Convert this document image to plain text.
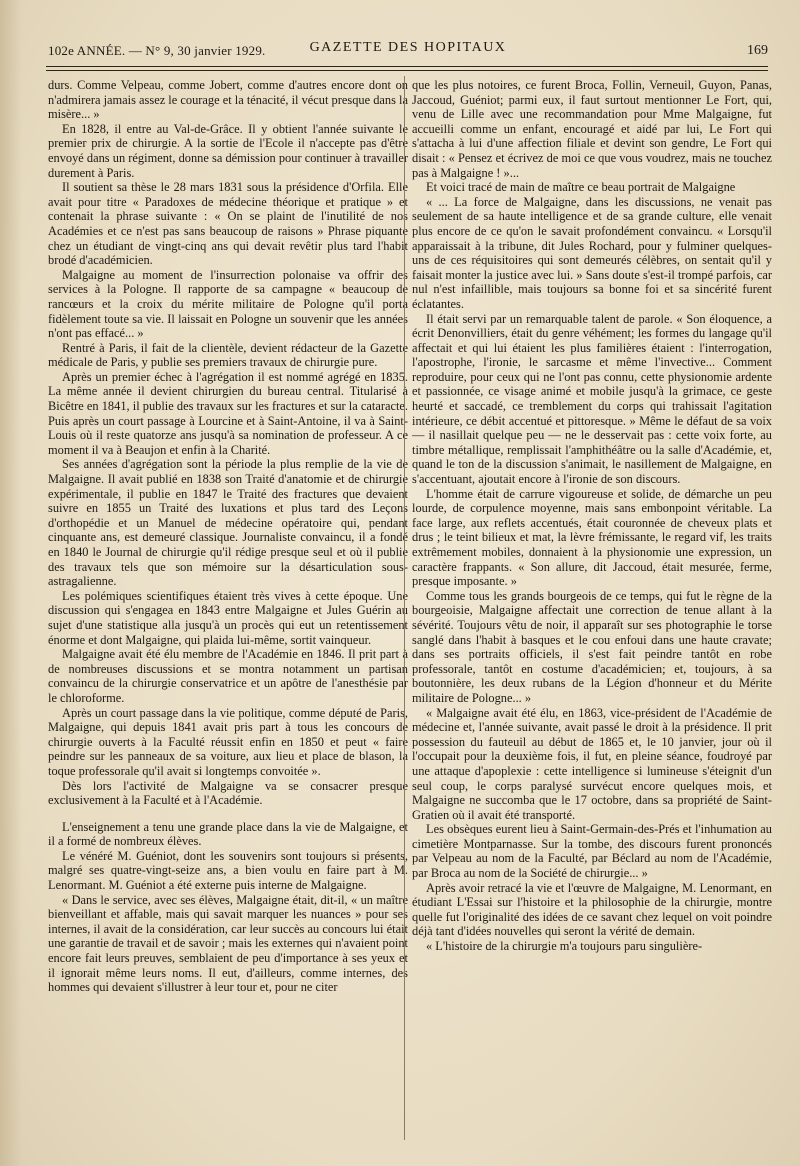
102e ANNÉE. — N° 9, 30 janvier 1929.	GAZETTE DES HOPITAUX	169

durs. Comme Velpeau, comme Jobert, comme d'autres encore dont on n'admirera jamais assez le courage et la ténacité, il vécut presque dans la misère... »

En 1828, il entre au Val-de-Grâce. Il y obtient l'année suivante le premier prix de chirurgie. A la sortie de l'Ecole il n'accepte pas d'être envoyé dans un régiment, donne sa démission pour continuer à travailler durement à Paris.

Il soutient sa thèse le 28 mars 1831 sous la présidence d'Orfila. Elle avait pour titre « Paradoxes de médecine théorique et pratique » et contenait la phrase suivante : « On se plaint de l'inutilité de nos Académies et ce n'est pas sans beaucoup de raisons » Phrase piquante chez un étudiant de vingt-cinq ans qui devait revêtir plus tard l'habit brodé d'académicien.

Malgaigne au moment de l'insurrection polonaise va offrir des services à la Pologne. Il rapporte de sa campagne « beaucoup de rancœurs et la croix du mérite militaire de Pologne qu'il porta fidèlement toute sa vie. Il laissait en Pologne un souvenir que les années n'ont pas effacé... »

Rentré à Paris, il fait de la clientèle, devient rédacteur de la Gazette médicale de Paris, y publie ses premiers travaux de chirurgie pure.

Après un premier échec à l'agrégation il est nommé agrégé en 1835. La même année il devient chirurgien du bureau central. Titularisé à Bicêtre en 1841, il publie des travaux sur les fractures et sur la cataracte. Puis après un court passage à Lourcine et à Saint-Antoine, il va à Saint-Louis où il reste quatorze ans jusqu'à sa nomination de professeur. A ce moment il va à Beaujon et enfin à la Charité.

Ses années d'agrégation sont la période la plus remplie de la vie de Malgaigne. Il avait publié en 1838 son Traité d'anatomie et de chirurgie expérimentale, il publie en 1847 le Traité des fractures que devaient suivre en 1855 un Traité des luxations et plus tard des Leçons d'orthopédie et un Manuel de médecine opératoire qui, pendant cinquante ans, est demeuré classique. Journaliste convaincu, il a fondé en 1840 le Journal de chirurgie qu'il rédige presque seul et où il publie des travaux tels que son mémoire sur la désarticulation sous-astragalienne.

Les polémiques scientifiques étaient très vives à cette époque. Une discussion qui s'engagea en 1843 entre Malgaigne et Jules Guérin au sujet d'une statistique alla jusqu'à un procès qui eut un retentissement énorme et dont Malgaigne, qui plaida lui-même, sortit vainqueur.

Malgaigne avait été élu membre de l'Académie en 1846. Il prit part à de nombreuses discussions et se montra notamment un partisan convaincu de la chirurgie conservatrice et un apôtre de l'anesthésie par le chloroforme.

Après un court passage dans la vie politique, comme député de Paris, Malgaigne, qui depuis 1841 avait pris part à tous les concours de chirurgie ouverts à la Faculté réussit enfin en 1850 et peut « faire peindre sur les panneaux de sa voiture, aux lieu et place de blason, la toque professorale qu'il avait si longtemps convoitée ».

Dès lors l'activité de Malgaigne va se consacrer presque exclusivement à la Faculté et à l'Académie.

L'enseignement a tenu une grande place dans la vie de Malgaigne, et il a formé de nombreux élèves.

Le vénéré M. Guéniot, dont les souvenirs sont toujours si présents, malgré ses quatre-vingt-seize ans, a bien voulu en faire part à M. Lenormant. M. Guéniot a été externe puis interne de Malgaigne.

« Dans le service, avec ses élèves, Malgaigne était, dit-il, « un maître bienveillant et affable, mais qui savait marquer les nuances » pour ses internes, il avait de la considération, car leur succès au concours lui était une garantie de travail et de savoir ; mais les externes qui n'avaient point encore fait leurs preuves, semblaient de peu d'importance à ses yeux et il ignorait même leurs noms. Il eut, d'ailleurs, comme internes, des hommes qui devaient s'illustrer à leur tour et, pour ne citer

que les plus notoires, ce furent Broca, Follin, Verneuil, Guyon, Panas, Jaccoud, Guéniot; parmi eux, il faut surtout mentionner Le Fort, qui, venu de Lille avec une recommandation pour Mme Malgaigne, fut accueilli comme un enfant, encouragé et aidé par lui, Le Fort qui s'attacha à lui d'une affection filiale et devint son gendre, Le Fort qui disait : « Pensez et écrivez de moi ce que vous voudrez, mais ne touchez pas à Malgaigne ! »...

Et voici tracé de main de maître ce beau portrait de Malgaigne

« ... La force de Malgaigne, dans les discussions, ne venait pas seulement de sa haute intelligence et de sa grande culture, elle venait plus encore de ce qu'on le savait profondément convaincu. « Lorsqu'il apparaissait à la tribune, dit Jules Rochard, pour y fulminer quelques-uns de ces réquisitoires qui sont demeurés célèbres, on sentait qu'il y faisait monter la justice avec lui. » Sans doute s'est-il trompé parfois, car nul n'est infaillible, mais toujours sa bonne foi et sa sincérité furent éclatantes.

Il était servi par un remarquable talent de parole. « Son éloquence, a écrit Denonvilliers, était du genre véhément; les formes du langage qu'il affectait et qui lui étaient les plus familières étaient : l'interrogation, l'apostrophe, l'ironie, le sarcasme et même l'invective... Comment reproduire, pour ceux qui ne l'ont pas connu, cette physionomie ardente et passionnée, ce visage animé et mobile jusqu'à la grimace, ce geste heurté et saccadé, ce tremblement du corps qui trahissait l'agitation intérieure, ce débit accentué et pittoresque. » Même le défaut de sa voix — il nasillait quelque peu — ne le desservait pas : cette voix forte, au timbre métallique, remplissait l'amphithéâtre ou la salle d'Académie, et, quand le ton de la discussion s'animait, le nasillement de Malgaigne, en s'accentuant, ajoutait encore à l'ironie de son discours.

L'homme était de carrure vigoureuse et solide, de démarche un peu lourde, de corpulence moyenne, mais sans embonpoint véritable. La face large, aux reflets accentués, était couronnée de cheveux plats et drus ; le teint bilieux et mat, la lèvre frémissante, le regard vif, les traits extrêmement mobiles, donnaient à la physionomie une expression, un caractère frappants. « Son allure, dit Jaccoud, était mesurée, ferme, presque imposante. »

Comme tous les grands bourgeois de ce temps, qui fut le règne de la bourgeoisie, Malgaigne affectait une correction de tenue allant à la sévérité. Toujours vêtu de noir, il apparaît sur ses photographie le torse sanglé dans l'habit à basques et le cou enfoui dans une haute cravate; dans ses portraits officiels, il s'est fait peindre tantôt en robe professorale, tantôt en costume d'académicien; et, toujours, à sa boutonnière, les deux rubans de la Légion d'honneur et du Mérite militaire de Pologne... »

« Malgaigne avait été élu, en 1863, vice-président de l'Académie de médecine et, l'année suivante, avait passé le droit à la présidence. Il prit possession du fauteuil au début de 1865 et, le 10 janvier, jour où il l'occupait pour la deuxième fois, il fut, en pleine séance, foudroyé par une attaque d'apoplexie : cette intelligence si lumineuse s'éteignit d'un seul coup, le corps paralysé survécut encore quelques mois, et Malgaigne ne succomba que le 17 octobre, dans sa propriété de Saint-Gratien où il avait été transporté.

Les obsèques eurent lieu à Saint-Germain-des-Prés et l'inhumation au cimetière Montparnasse. Sur la tombe, des discours furent prononcés par Velpeau au nom de la Faculté, par Béclard au nom de l'Académie, par Broca au nom de la Société de chirurgie... »

Après avoir retracé la vie et l'œuvre de Malgaigne, M. Lenormant, en étudiant L'Essai sur l'histoire et la philosophie de la chirurgie, montre quelle fut l'originalité des idées de ce savant chez lequel on voit poindre déjà tant d'idées nouvelles qui seront la vérité de demain.

« L'histoire de la chirurgie m'a toujours paru singulière-
